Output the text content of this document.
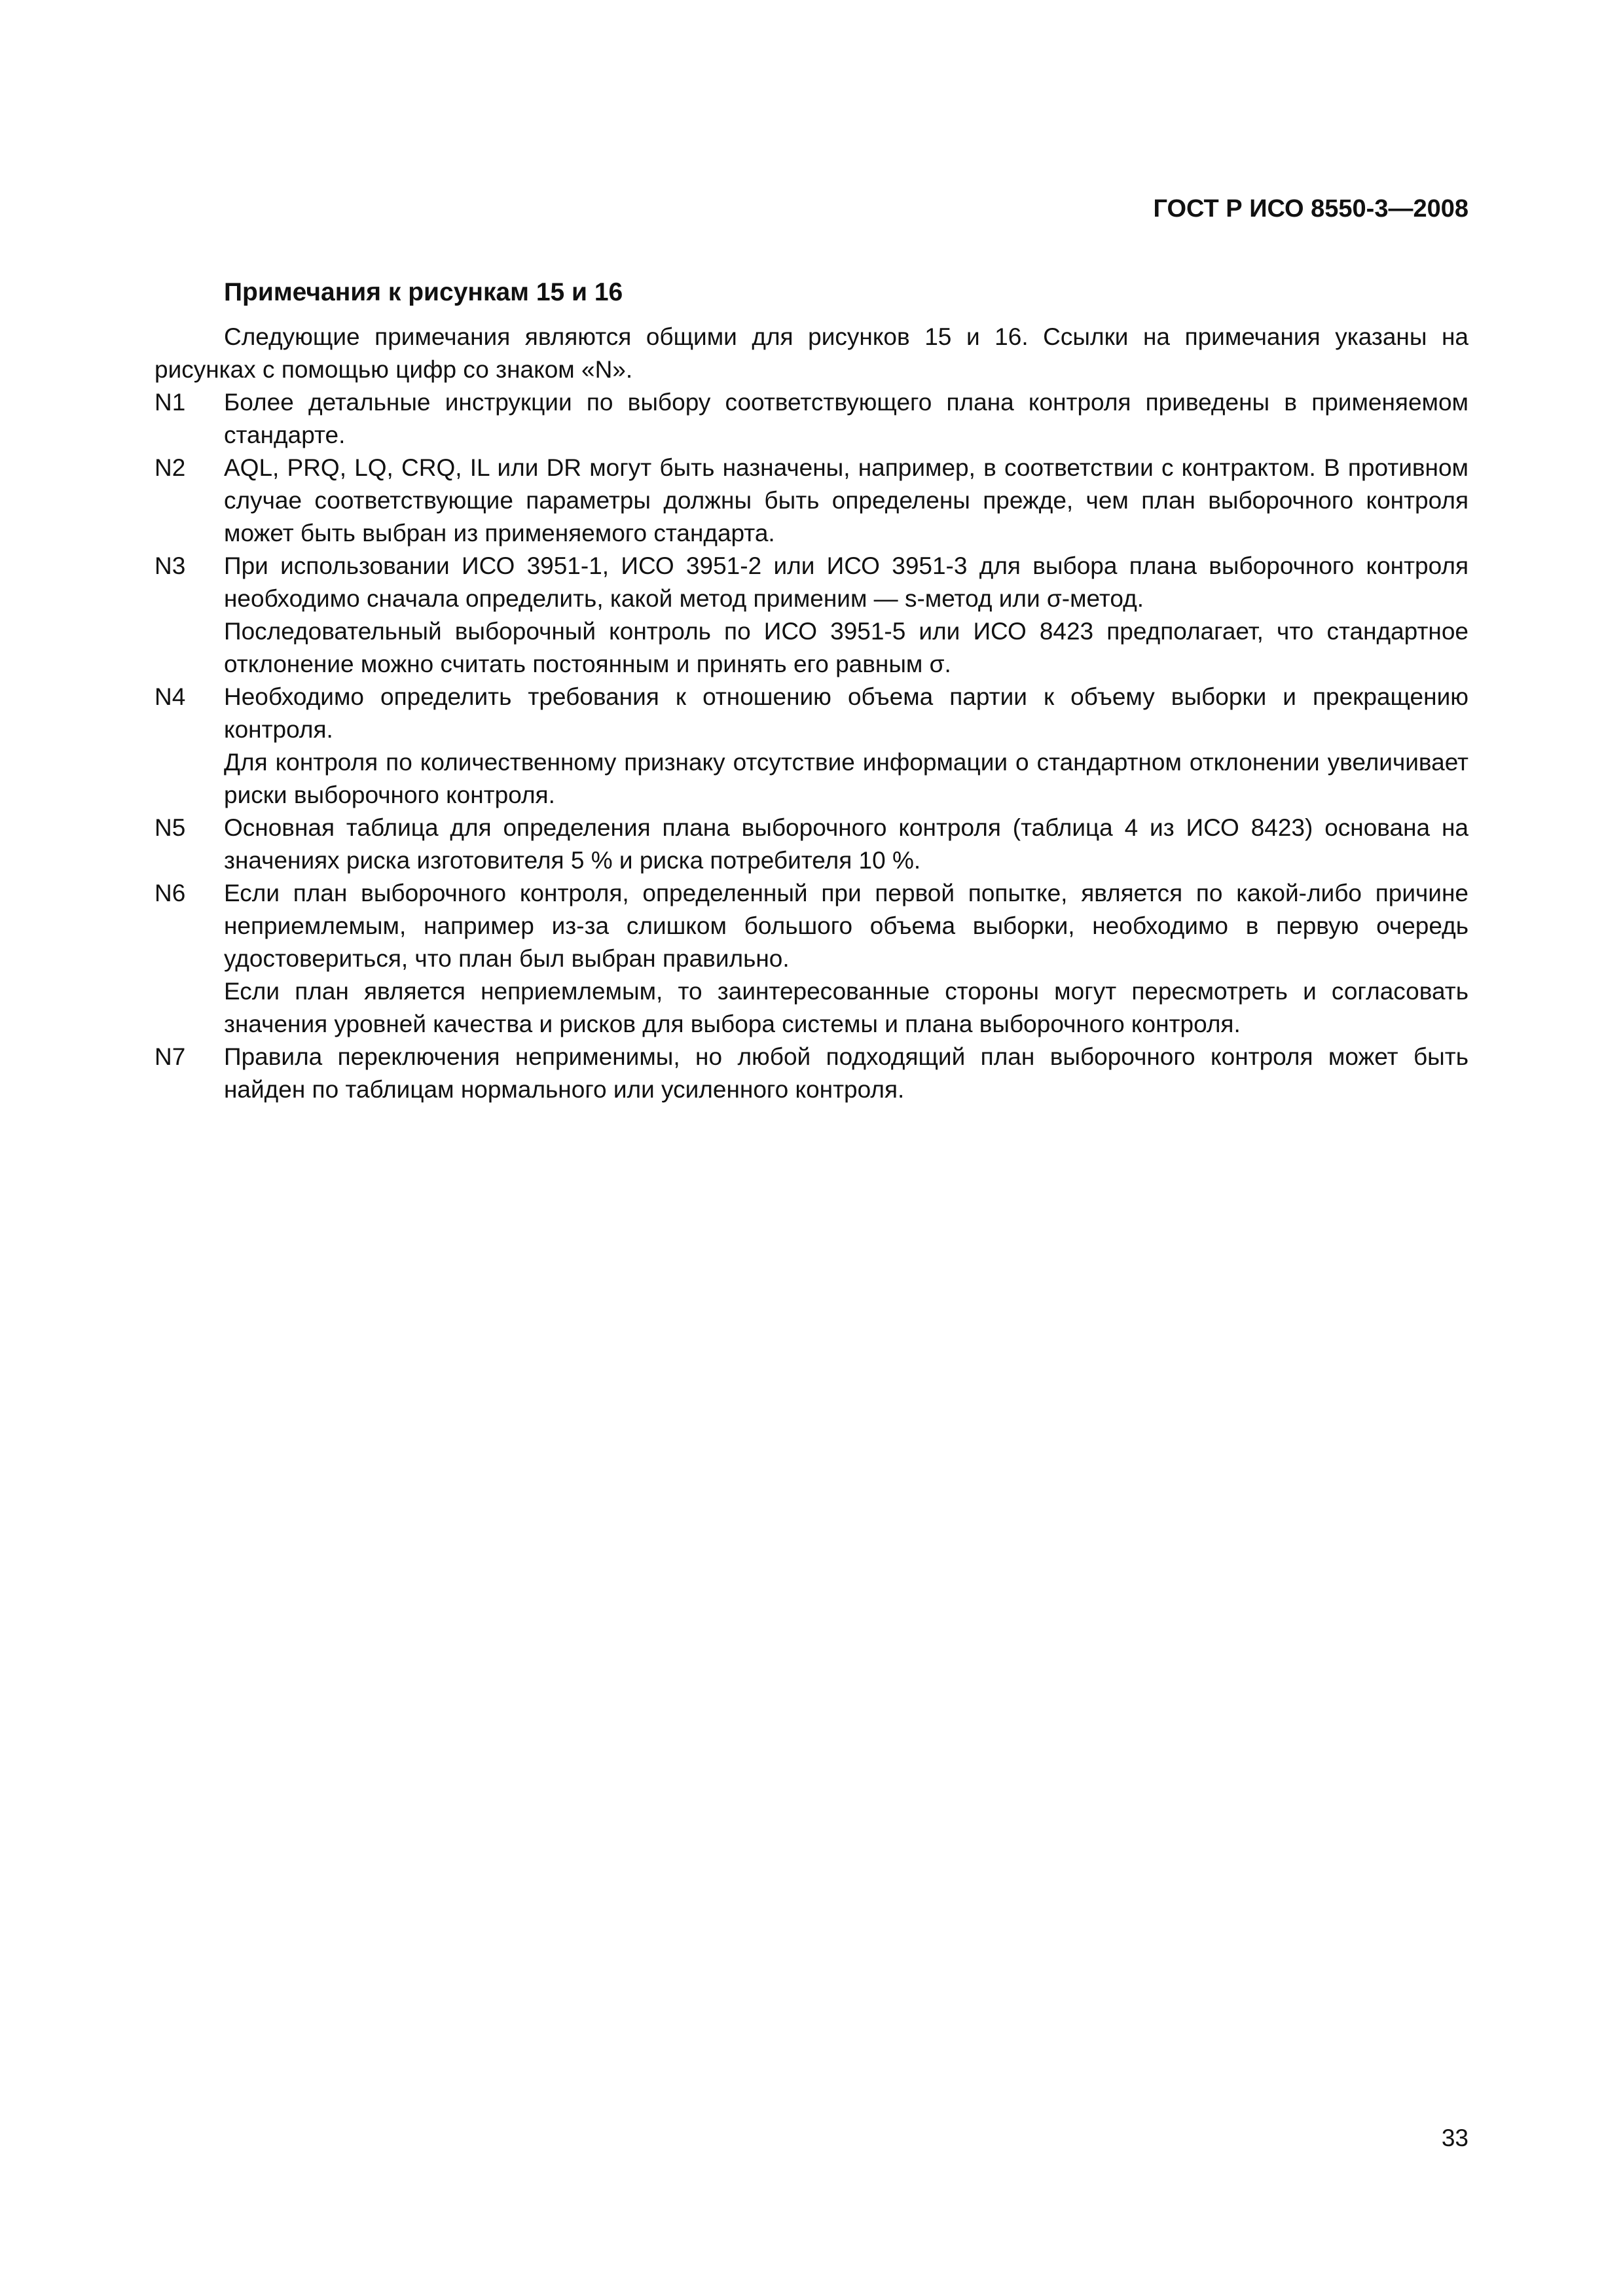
ГОСТ Р ИСО 8550-3—2008
Примечания к рисункам 15 и 16

Следующие примечания являются общими для рисунков 15 и 16. Ссылки на примечания указаны на рисунках с помощью цифр со знаком «N».

N1	Более детальные инструкции по выбору соответствующего плана контроля приведены в применяемом стандарте.

N2	AQL, PRQ, LQ, CRQ, IL или DR могут быть назначены, например, в соответствии с контрактом. В противном случае соответствующие параметры должны быть определены прежде, чем план выборочного контроля может быть выбран из применяемого стандарта.

N3	При использовании ИСО 3951-1, ИСО 3951-2 или ИСО 3951-3 для выбора плана выборочного контроля необходимо сначала определить, какой метод применим — s-метод или σ-метод.

Последовательный выборочный контроль по ИСО 3951-5 или ИСО 8423 предполагает, что стандартное отклонение можно считать постоянным и принять его равным σ.

N4	Необходимо определить требования к отношению объема партии к объему выборки и прекращению контроля.

Для контроля по количественному признаку отсутствие информации о стандартном отклонении увеличивает риски выборочного контроля.

N5	Основная таблица для определения плана выборочного контроля (таблица 4 из ИСО 8423) основана на значениях риска изготовителя 5 % и риска потребителя 10 %.

N6	Если план выборочного контроля, определенный при первой попытке, является по какой-либо причине неприемлемым, например из-за слишком большого объема выборки, необходимо в первую очередь удостовериться, что план был выбран правильно.

Если план является неприемлемым, то заинтересованные стороны могут пересмотреть и согласовать значения уровней качества и рисков для выбора системы и плана выборочного контроля.

N7	Правила переключения неприменимы, но любой подходящий план выборочного контроля может быть найден по таблицам нормального или усиленного контроля.

33
